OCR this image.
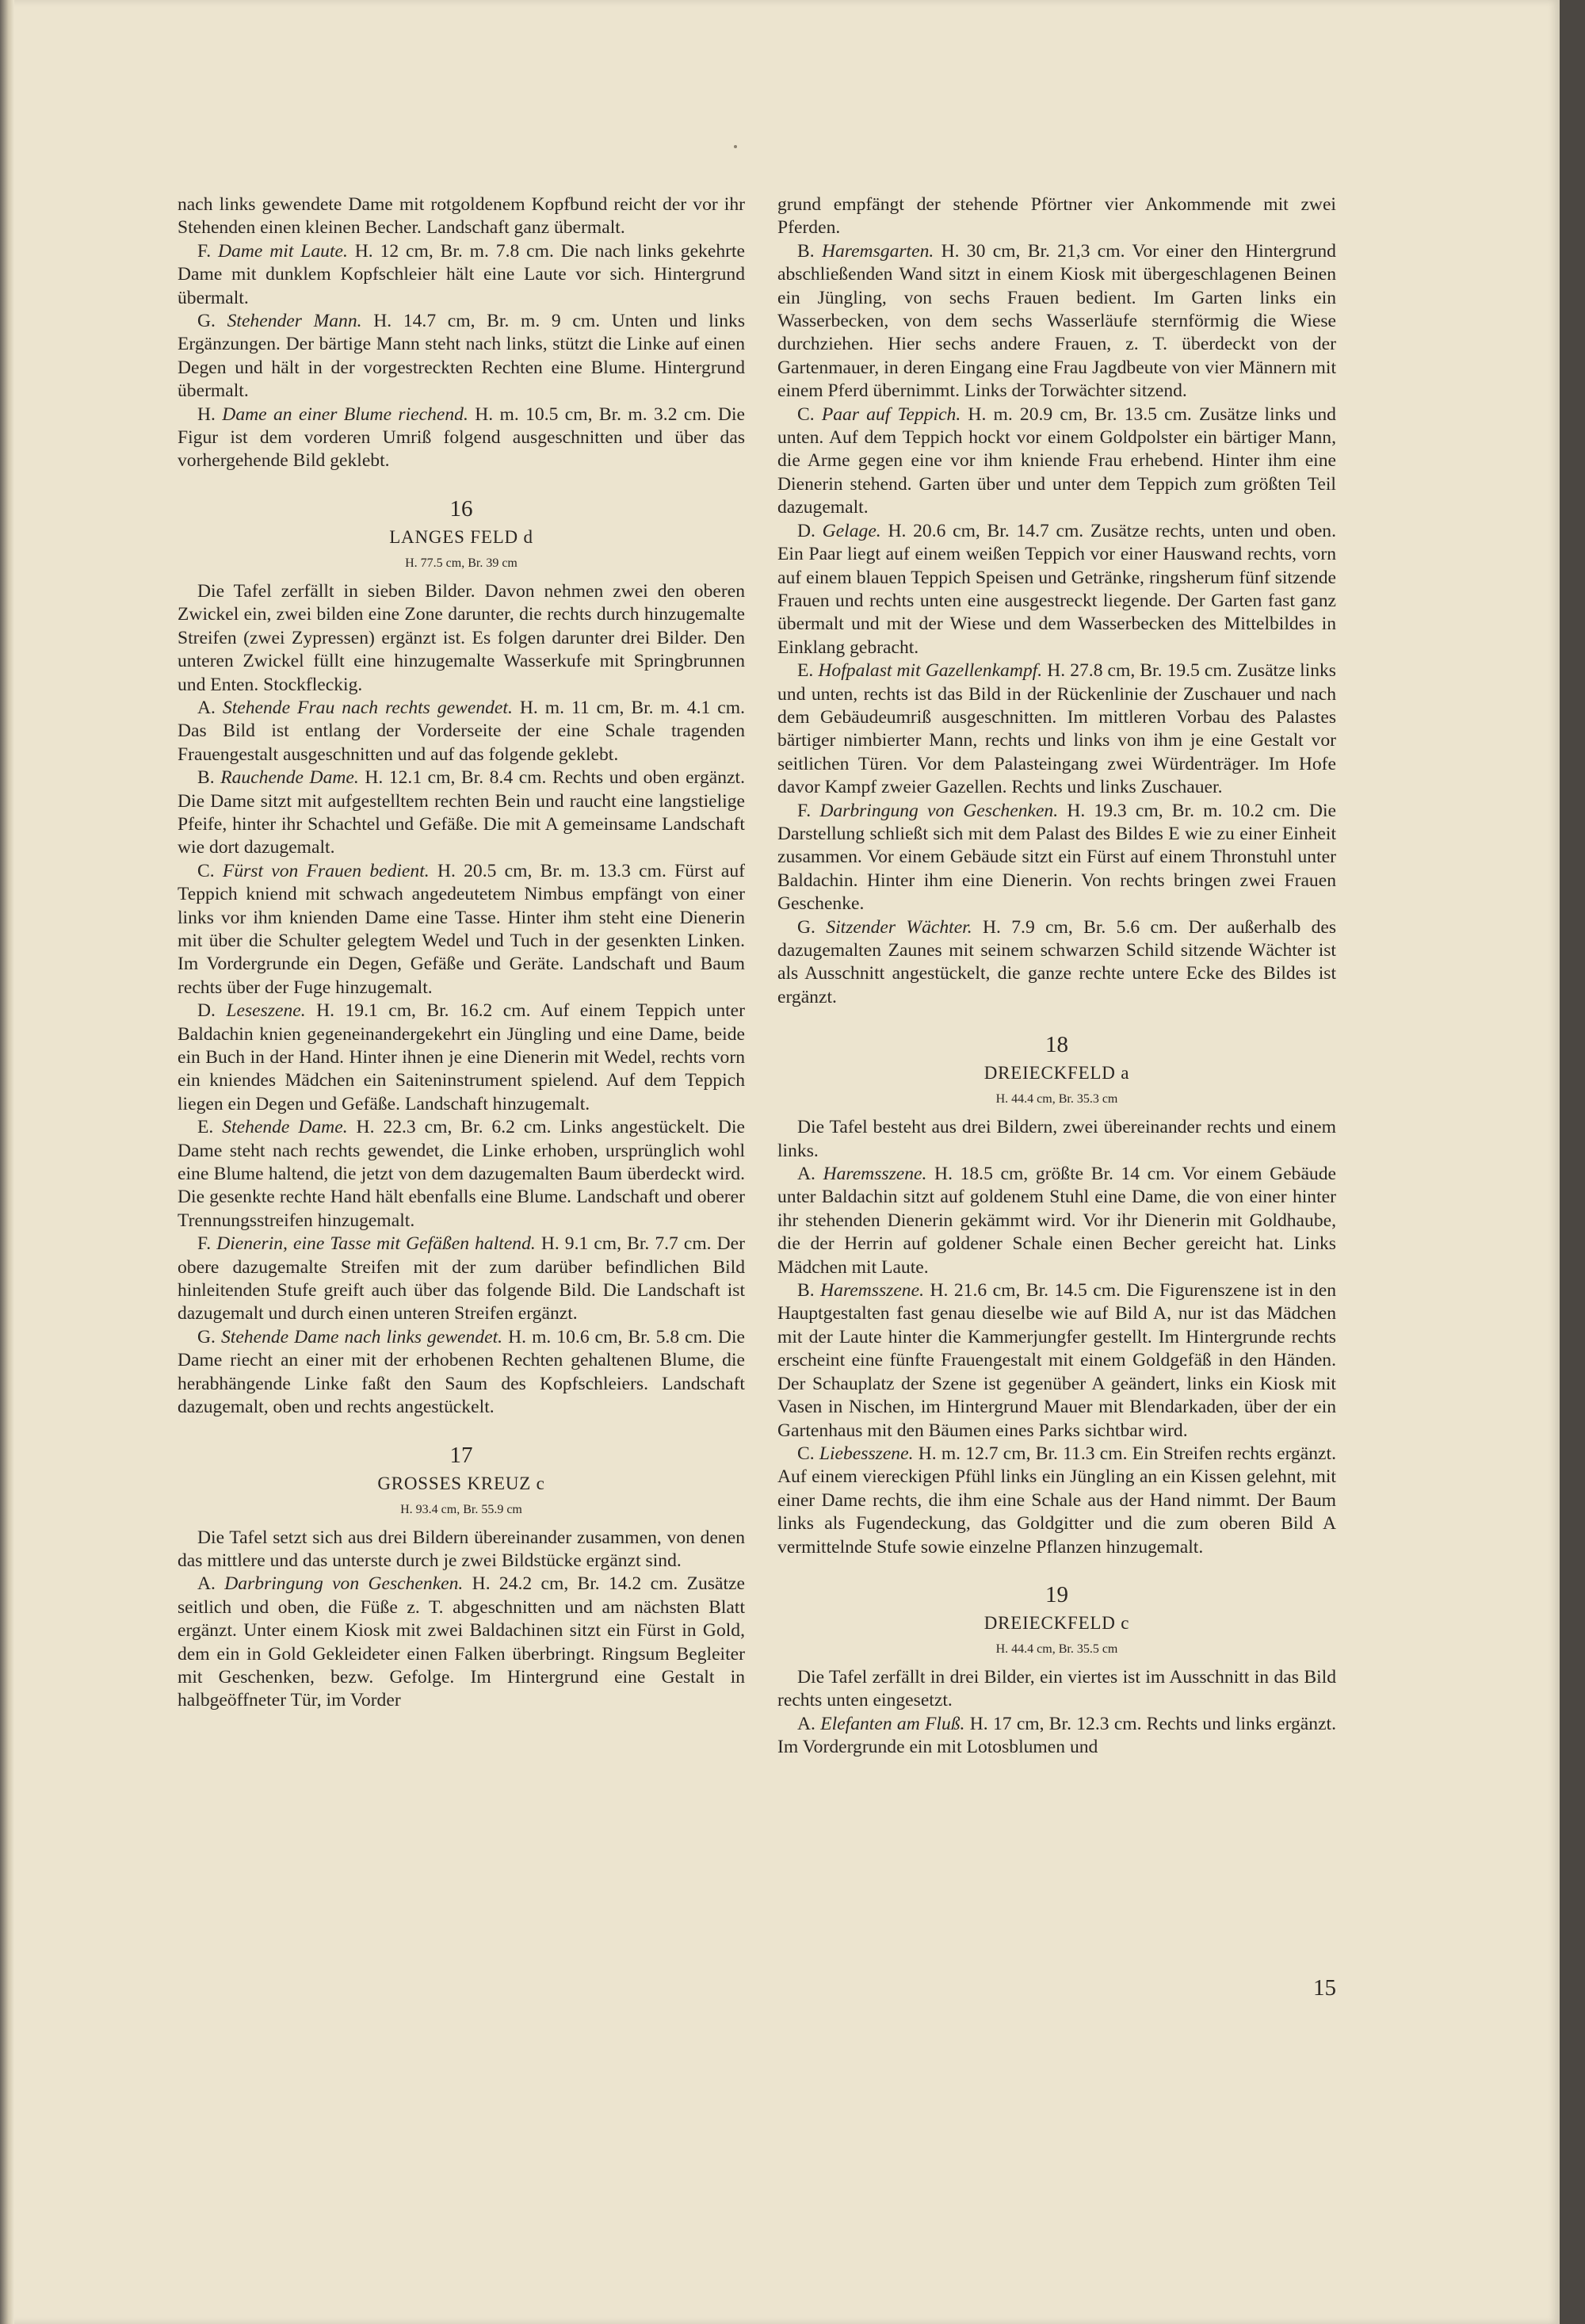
nach links gewendete Dame mit rotgoldenem Kopfbund reicht der vor ihr Stehenden einen kleinen Becher. Landschaft ganz übermalt.

F. Dame mit Laute. H. 12 cm, Br. m. 7.8 cm. Die nach links gekehrte Dame mit dunklem Kopfschleier hält eine Laute vor sich. Hintergrund übermalt.

G. Stehender Mann. H. 14.7 cm, Br. m. 9 cm. Unten und links Ergänzungen. Der bärtige Mann steht nach links, stützt die Linke auf einen Degen und hält in der vorgestreckten Rechten eine Blume. Hintergrund übermalt.

H. Dame an einer Blume riechend. H. m. 10.5 cm, Br. m. 3.2 cm. Die Figur ist dem vorderen Umriß folgend ausgeschnitten und über das vorhergehende Bild geklebt.

16
LANGES FELD d
H. 77.5 cm, Br. 39 cm

Die Tafel zerfällt in sieben Bilder. Davon nehmen zwei den oberen Zwickel ein, zwei bilden eine Zone darunter, die rechts durch hinzugemalte Streifen (zwei Zypressen) ergänzt ist. Es folgen darunter drei Bilder. Den unteren Zwickel füllt eine hinzugemalte Wasserkufe mit Springbrunnen und Enten. Stockfleckig.

A. Stehende Frau nach rechts gewendet. H. m. 11 cm, Br. m. 4.1 cm. Das Bild ist entlang der Vorderseite der eine Schale tragenden Frauengestalt ausgeschnitten und auf das folgende geklebt.

B. Rauchende Dame. H. 12.1 cm, Br. 8.4 cm. Rechts und oben ergänzt. Die Dame sitzt mit aufgestelltem rechten Bein und raucht eine langstielige Pfeife, hinter ihr Schachtel und Gefäße. Die mit A gemeinsame Landschaft wie dort dazugemalt.

C. Fürst von Frauen bedient. H. 20.5 cm, Br. m. 13.3 cm. Fürst auf Teppich kniend mit schwach angedeutetem Nimbus empfängt von einer links vor ihm knienden Dame eine Tasse. Hinter ihm steht eine Dienerin mit über die Schulter gelegtem Wedel und Tuch in der gesenkten Linken. Im Vordergrunde ein Degen, Gefäße und Geräte. Landschaft und Baum rechts über der Fuge hinzugemalt.

D. Leseszene. H. 19.1 cm, Br. 16.2 cm. Auf einem Teppich unter Baldachin knien gegeneinandergekehrt ein Jüngling und eine Dame, beide ein Buch in der Hand. Hinter ihnen je eine Dienerin mit Wedel, rechts vorn ein kniendes Mädchen ein Saiteninstrument spielend. Auf dem Teppich liegen ein Degen und Gefäße. Landschaft hinzugemalt.

E. Stehende Dame. H. 22.3 cm, Br. 6.2 cm. Links angestückelt. Die Dame steht nach rechts gewendet, die Linke erhoben, ursprünglich wohl eine Blume haltend, die jetzt von dem dazugemalten Baum überdeckt wird. Die gesenkte rechte Hand hält ebenfalls eine Blume. Landschaft und oberer Trennungsstreifen hinzugemalt.

F. Dienerin, eine Tasse mit Gefäßen haltend. H. 9.1 cm, Br. 7.7 cm. Der obere dazugemalte Streifen mit der zum darüber befindlichen Bild hinleitenden Stufe greift auch über das folgende Bild. Die Landschaft ist dazugemalt und durch einen unteren Streifen ergänzt.

G. Stehende Dame nach links gewendet. H. m. 10.6 cm, Br. 5.8 cm. Die Dame riecht an einer mit der erhobenen Rechten gehaltenen Blume, die herabhängende Linke faßt den Saum des Kopfschleiers. Landschaft dazugemalt, oben und rechts angestückelt.

17
GROSSES KREUZ c
H. 93.4 cm, Br. 55.9 cm

Die Tafel setzt sich aus drei Bildern übereinander zusammen, von denen das mittlere und das unterste durch je zwei Bildstücke ergänzt sind.

A. Darbringung von Geschenken. H. 24.2 cm, Br. 14.2 cm. Zusätze seitlich und oben, die Füße z. T. abgeschnitten und am nächsten Blatt ergänzt. Unter einem Kiosk mit zwei Baldachinen sitzt ein Fürst in Gold, dem ein in Gold Gekleideter einen Falken überbringt. Ringsum Begleiter mit Geschenken, bezw. Gefolge. Im Hintergrund eine Gestalt in halbgeöffneter Tür, im Vorder

grund empfängt der stehende Pförtner vier Ankommende mit zwei Pferden.

B. Haremsgarten. H. 30 cm, Br. 21,3 cm. Vor einer den Hintergrund abschließenden Wand sitzt in einem Kiosk mit übergeschlagenen Beinen ein Jüngling, von sechs Frauen bedient. Im Garten links ein Wasserbecken, von dem sechs Wasserläufe sternförmig die Wiese durchziehen. Hier sechs andere Frauen, z. T. überdeckt von der Gartenmauer, in deren Eingang eine Frau Jagdbeute von vier Männern mit einem Pferd übernimmt. Links der Torwächter sitzend.

C. Paar auf Teppich. H. m. 20.9 cm, Br. 13.5 cm. Zusätze links und unten. Auf dem Teppich hockt vor einem Goldpolster ein bärtiger Mann, die Arme gegen eine vor ihm kniende Frau erhebend. Hinter ihm eine Dienerin stehend. Garten über und unter dem Teppich zum größten Teil dazugemalt.

D. Gelage. H. 20.6 cm, Br. 14.7 cm. Zusätze rechts, unten und oben. Ein Paar liegt auf einem weißen Teppich vor einer Hauswand rechts, vorn auf einem blauen Teppich Speisen und Getränke, ringsherum fünf sitzende Frauen und rechts unten eine ausgestreckt liegende. Der Garten fast ganz übermalt und mit der Wiese und dem Wasserbecken des Mittelbildes in Einklang gebracht.

E. Hofpalast mit Gazellenkampf. H. 27.8 cm, Br. 19.5 cm. Zusätze links und unten, rechts ist das Bild in der Rückenlinie der Zuschauer und nach dem Gebäudeumriß ausgeschnitten. Im mittleren Vorbau des Palastes bärtiger nimbierter Mann, rechts und links von ihm je eine Gestalt vor seitlichen Türen. Vor dem Palasteingang zwei Würdenträger. Im Hofe davor Kampf zweier Gazellen. Rechts und links Zuschauer.

F. Darbringung von Geschenken. H. 19.3 cm, Br. m. 10.2 cm. Die Darstellung schließt sich mit dem Palast des Bildes E wie zu einer Einheit zusammen. Vor einem Gebäude sitzt ein Fürst auf einem Thronstuhl unter Baldachin. Hinter ihm eine Dienerin. Von rechts bringen zwei Frauen Geschenke.

G. Sitzender Wächter. H. 7.9 cm, Br. 5.6 cm. Der außerhalb des dazugemalten Zaunes mit seinem schwarzen Schild sitzende Wächter ist als Ausschnitt angestückelt, die ganze rechte untere Ecke des Bildes ist ergänzt.

18
DREIECKFELD a
H. 44.4 cm, Br. 35.3 cm

Die Tafel besteht aus drei Bildern, zwei übereinander rechts und einem links.

A. Haremsszene. H. 18.5 cm, größte Br. 14 cm. Vor einem Gebäude unter Baldachin sitzt auf goldenem Stuhl eine Dame, die von einer hinter ihr stehenden Dienerin gekämmt wird. Vor ihr Dienerin mit Goldhaube, die der Herrin auf goldener Schale einen Becher gereicht hat. Links Mädchen mit Laute.

B. Haremsszene. H. 21.6 cm, Br. 14.5 cm. Die Figurenszene ist in den Hauptgestalten fast genau dieselbe wie auf Bild A, nur ist das Mädchen mit der Laute hinter die Kammerjungfer gestellt. Im Hintergrunde rechts erscheint eine fünfte Frauengestalt mit einem Goldgefäß in den Händen. Der Schauplatz der Szene ist gegenüber A geändert, links ein Kiosk mit Vasen in Nischen, im Hintergrund Mauer mit Blendarkaden, über der ein Gartenhaus mit den Bäumen eines Parks sichtbar wird.

C. Liebesszene. H. m. 12.7 cm, Br. 11.3 cm. Ein Streifen rechts ergänzt. Auf einem viereckigen Pfühl links ein Jüngling an ein Kissen gelehnt, mit einer Dame rechts, die ihm eine Schale aus der Hand nimmt. Der Baum links als Fugendeckung, das Goldgitter und die zum oberen Bild A vermittelnde Stufe sowie einzelne Pflanzen hinzugemalt.

19
DREIECKFELD c
H. 44.4 cm, Br. 35.5 cm

Die Tafel zerfällt in drei Bilder, ein viertes ist im Ausschnitt in das Bild rechts unten eingesetzt.

A. Elefanten am Fluß. H. 17 cm, Br. 12.3 cm. Rechts und links ergänzt. Im Vordergrunde ein mit Lotosblumen und

15
